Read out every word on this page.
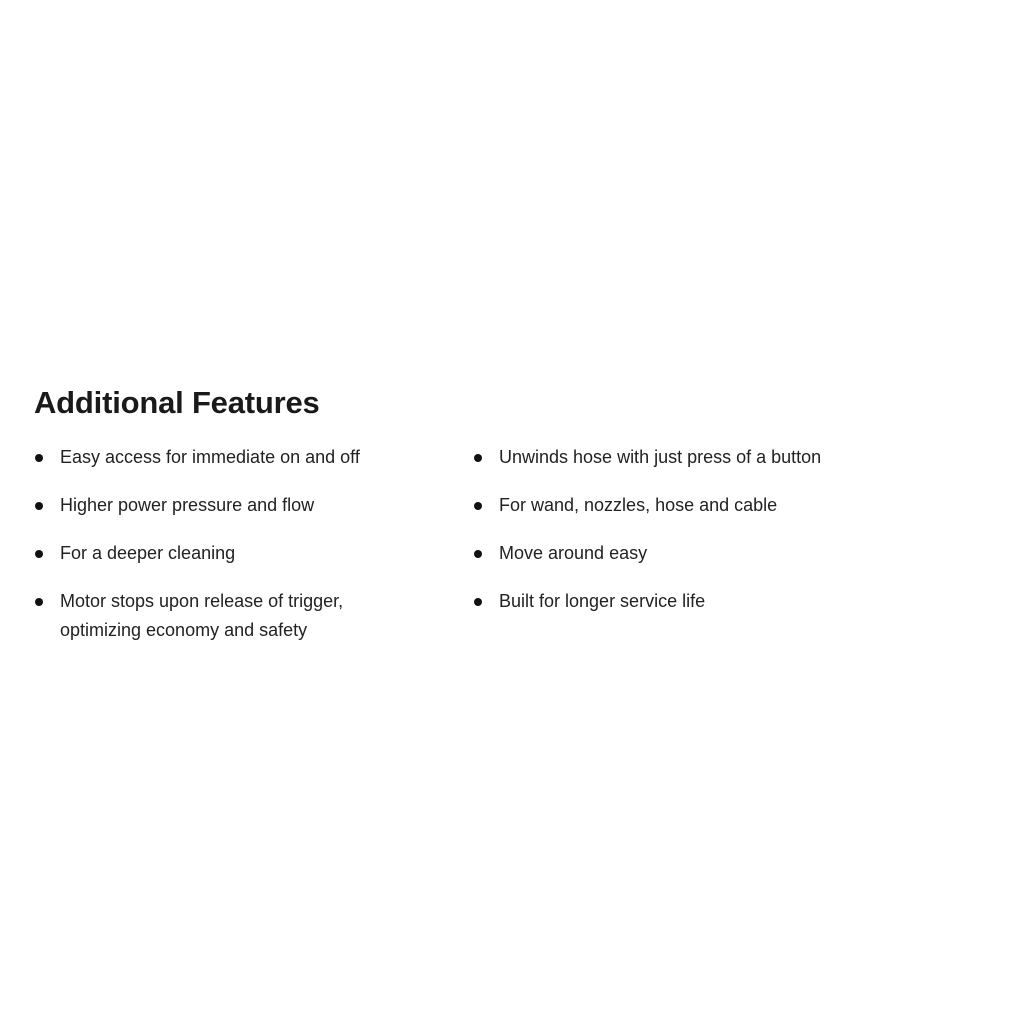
Additional Features
Easy access for immediate on and off
Higher power pressure and flow
For a deeper cleaning
Motor stops upon release of trigger, optimizing economy and safety
Unwinds hose with just press of a button
For wand, nozzles, hose and cable
Move around easy
Built for longer service life
